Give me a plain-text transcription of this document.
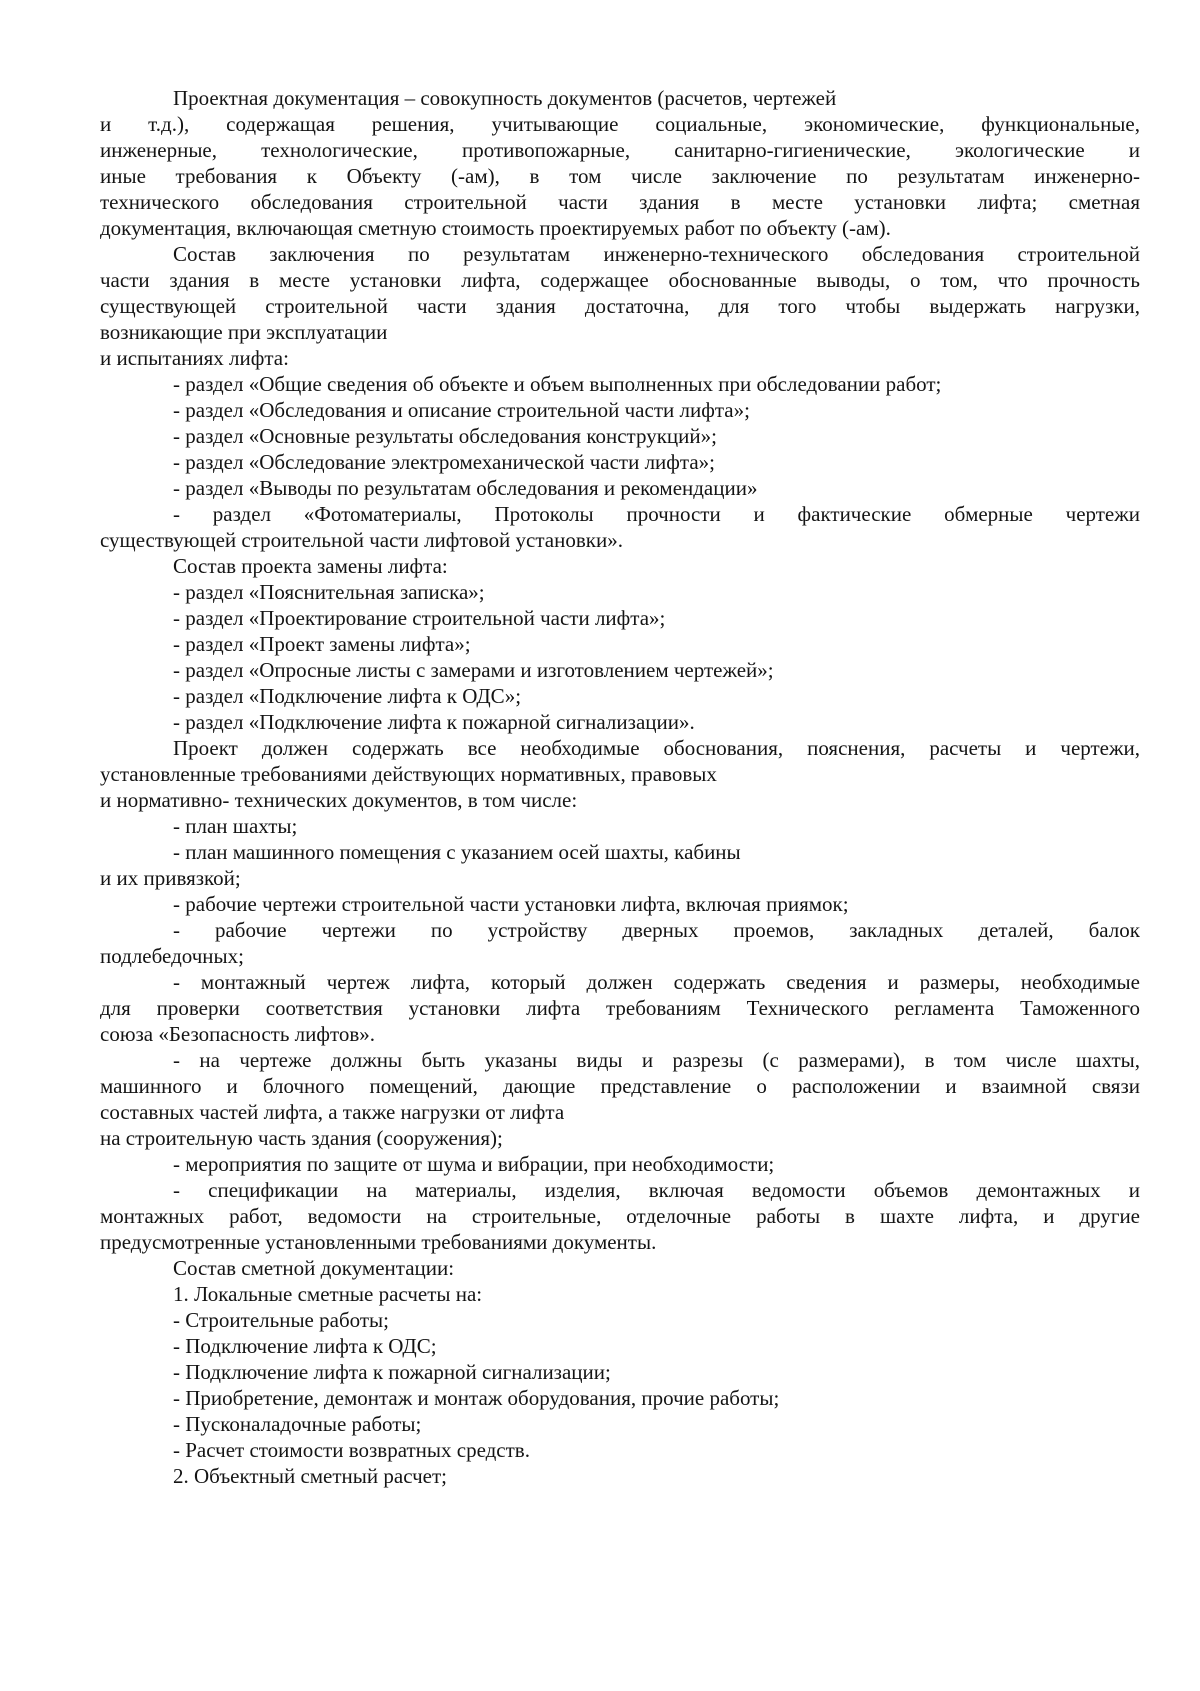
Проектная документация – совокупность документов (расчетов, чертежей

и т.д.), содержащая решения, учитывающие социальные, экономические, функциональные,

инженерные, технологические, противопожарные, санитарно-гигиенические, экологические и

иные требования к Объекту (-ам), в том числе заключение по результатам инженерно-

технического обследования строительной части здания в месте установки лифта; сметная

документация, включающая сметную стоимость проектируемых работ по объекту (-ам).

Состав заключения по результатам инженерно-технического обследования строительной

части здания в месте установки лифта, содержащее обоснованные выводы, о том, что прочность

существующей строительной части здания достаточна, для того чтобы выдержать нагрузки,

возникающие при эксплуатации

и испытаниях лифта:

- раздел «Общие сведения об объекте и объем выполненных при обследовании работ;

- раздел «Обследования и описание строительной части лифта»;

- раздел «Основные результаты обследования конструкций»;

- раздел «Обследование электромеханической части лифта»;

- раздел «Выводы по результатам обследования и рекомендации»

- раздел «Фотоматериалы, Протоколы прочности и фактические обмерные чертежи

существующей строительной части лифтовой установки».

Состав проекта замены лифта:

- раздел «Пояснительная записка»;

- раздел «Проектирование строительной части лифта»;

- раздел «Проект замены лифта»;

- раздел «Опросные листы с замерами и изготовлением чертежей»;

- раздел «Подключение лифта к ОДС»;

- раздел «Подключение лифта к пожарной сигнализации».

Проект должен содержать все необходимые обоснования, пояснения, расчеты и чертежи,

установленные требованиями действующих нормативных, правовых

и нормативно- технических документов, в том числе:

- план шахты;

- план машинного помещения с указанием осей шахты, кабины

и их привязкой;

- рабочие чертежи строительной части установки лифта, включая приямок;

- рабочие чертежи по устройству дверных проемов, закладных деталей, балок

подлебедочных;

- монтажный чертеж лифта, который должен содержать сведения и размеры, необходимые

для проверки соответствия установки лифта требованиям Технического регламента Таможенного

союза «Безопасность лифтов».

- на чертеже должны быть указаны виды и разрезы (с размерами), в том числе шахты,

машинного и блочного помещений, дающие представление о расположении и взаимной связи

составных частей лифта, а также нагрузки от лифта

на строительную часть здания (сооружения);

- мероприятия по защите от шума и вибрации, при необходимости;

- спецификации на материалы, изделия, включая ведомости объемов демонтажных и

монтажных работ, ведомости на строительные, отделочные работы в шахте лифта, и другие

предусмотренные установленными требованиями документы.

Состав сметной документации:

1. Локальные сметные расчеты на:

- Строительные работы;

- Подключение лифта к ОДС;

- Подключение лифта к пожарной сигнализации;

- Приобретение, демонтаж и монтаж оборудования, прочие работы;

- Пусконаладочные работы;

- Расчет стоимости возвратных средств.

2. Объектный сметный расчет;
